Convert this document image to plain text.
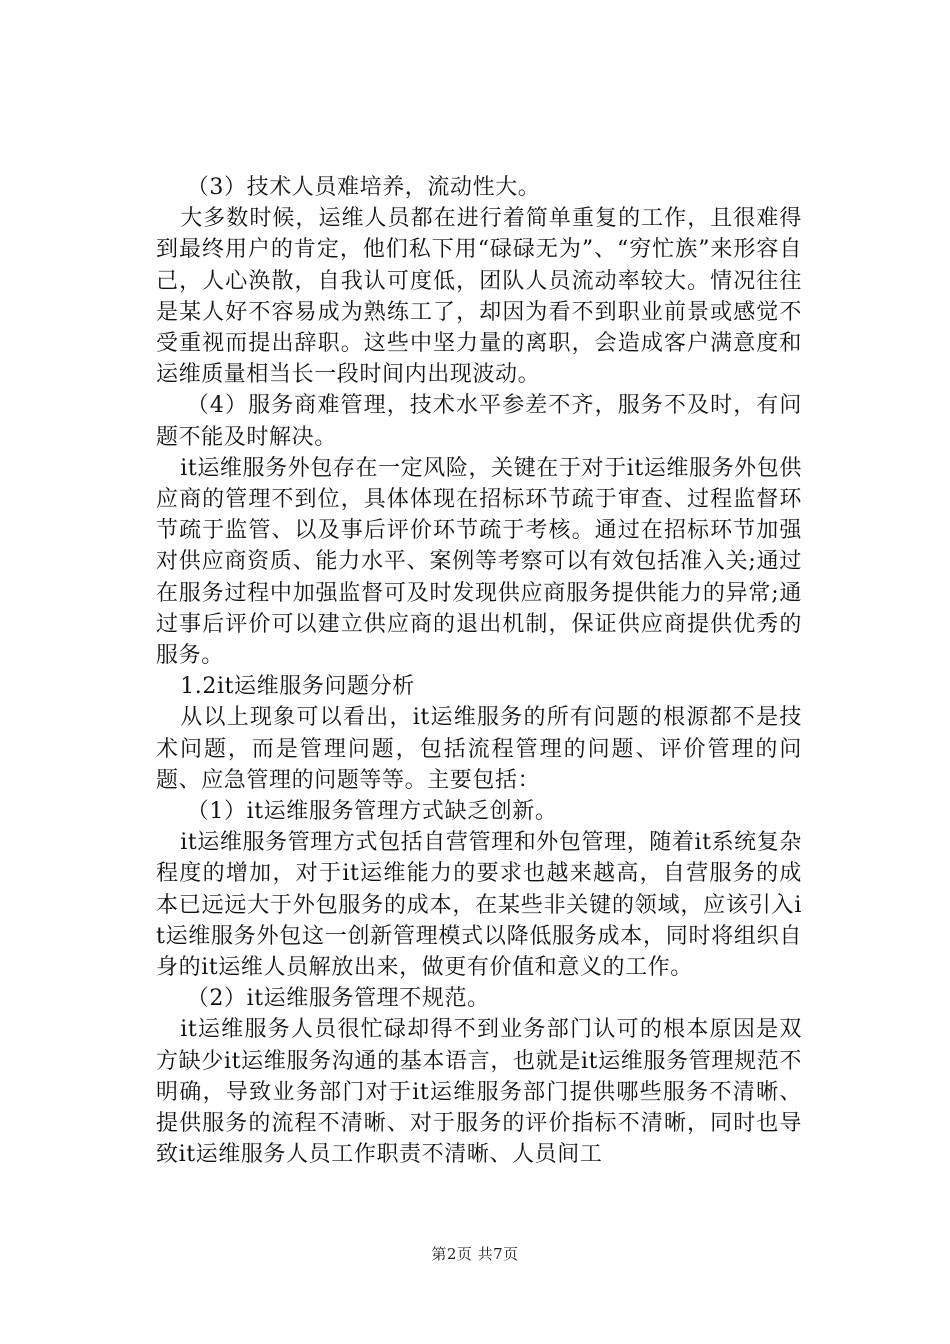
（3）技术人员难培养，流动性大。

大多数时候，运维人员都在进行着简单重复的工作，且很难得到最终用户的肯定，他们私下用“碌碌无为”、“穷忙族”来形容自己，人心涣散，自我认可度低，团队人员流动率较大。情况往往是某人好不容易成为熟练工了，却因为看不到职业前景或感觉不受重视而提出辞职。这些中坚力量的离职，会造成客户满意度和运维质量相当长一段时间内出现波动。

（4）服务商难管理，技术水平参差不齐，服务不及时，有问题不能及时解决。

it运维服务外包存在一定风险，关键在于对于it运维服务外包供应商的管理不到位，具体体现在招标环节疏于审查、过程监督环节疏于监管、以及事后评价环节疏于考核。通过在招标环节加强对供应商资质、能力水平、案例等考察可以有效包括准入关;通过在服务过程中加强监督可及时发现供应商服务提供能力的异常;通过事后评价可以建立供应商的退出机制，保证供应商提供优秀的服务。

1.2it运维服务问题分析

从以上现象可以看出，it运维服务的所有问题的根源都不是技术问题，而是管理问题，包括流程管理的问题、评价管理的问题、应急管理的问题等等。主要包括：

（1）it运维服务管理方式缺乏创新。

it运维服务管理方式包括自营管理和外包管理，随着it系统复杂程度的增加，对于it运维能力的要求也越来越高，自营服务的成本已远远大于外包服务的成本，在某些非关键的领域，应该引入it运维服务外包这一创新管理模式以降低服务成本，同时将组织自身的it运维人员解放出来，做更有价值和意义的工作。

（2）it运维服务管理不规范。

it运维服务人员很忙碌却得不到业务部门认可的根本原因是双方缺少it运维服务沟通的基本语言，也就是it运维服务管理规范不明确，导致业务部门对于it运维服务部门提供哪些服务不清晰、提供服务的流程不清晰、对于服务的评价指标不清晰，同时也导致it运维服务人员工作职责不清晰、人员间工

第2页 共7页
